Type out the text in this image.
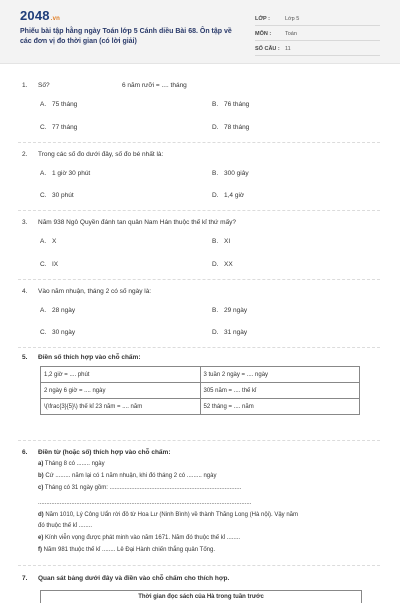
2048.vn
Phiếu bài tập hằng ngày Toán lớp 5 Cánh diều Bài 68. Ôn tập về các đơn vị đo thời gian (có lời giải)
LỚP :	Lớp 5
MÔN :	Toán
SỐ CÂU : 11
1. Số?	6 năm rưỡi = .... tháng
A. 75 tháng	B. 76 tháng
C. 77 tháng	D. 78 tháng
2. Trong các số đo dưới đây, số đo bé nhất là:
A. 1 giờ 30 phút	B. 300 giây
C. 30 phút	D. 1,4 giờ
3. Năm 938 Ngô Quyền đánh tan quân Nam Hán thuộc thế kỉ thứ mấy?
A. X	B. XI
C. IX	D. XX
4. Vào năm nhuận, tháng 2 có số ngày là:
A. 28 ngày	B. 29 ngày
C. 30 ngày	D. 31 ngày
5. Điền số thích hợp vào chỗ chấm:
1,2 giờ = .... phút	3 tuần 2 ngày = .... ngày
2 ngày 6 giờ = .... ngày	305 năm = .... thế kỉ
\(\frac{3}{5}\) thế kỉ 23 năm = .... năm	52 tháng = .... năm
6. Điền từ (hoặc số) thích hợp vào chỗ chấm:
a) Tháng 8 có ........ ngày
b) Cứ ......... năm lại có 1 năm nhuận, khi đó tháng 2 có ......... ngày
c) Tháng có 31 ngày gồm: ...............................................................................
................................................................................................................................
d) Năm 1010, Lý Công Uẩn rời đô từ Hoa Lư (Ninh Bình) về thành Thăng Long (Hà nội). Vậy năm
đó thuộc thế kỉ ........
e) Kính viễn vọng được phát minh vào năm 1671. Năm đó thuộc thế kỉ ........
f) Năm 981 thuộc thế kỉ ........ Lê Đại Hành chiến thắng quân Tống.
7. Quan sát bảng dưới đây và điền vào chỗ chấm cho thích hợp.
Thời gian đọc sách của Hà trong tuần trước
